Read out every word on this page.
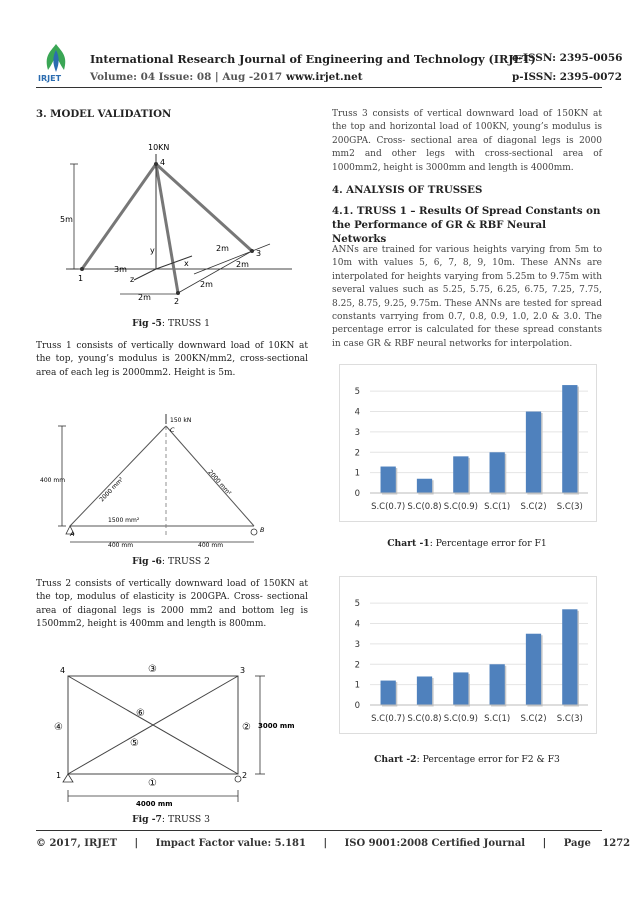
IRJET
International Research Journal of Engineering and Technology (IRJET)
e-ISSN: 2395-0056
Volume: 04 Issue: 08 | Aug -2017 www.irjet.net	p-ISSN: 2395-0072
3. MODEL VALIDATION
10KN
4
5m
y
z
x
1
2
3
3m
2m
2m
2m
2m
Fig -5: TRUSS 1
Truss 1 consists of vertically downward load of 10KN at the top, young’s modulus is 200KN/mm2, cross-sectional area of each leg is 2000mm2. Height is 5m.
150 kN
C
400 mm	2000 mm²	2000 mm²
1500 mm²
A	B
400 mm	400 mm
Fig -6: TRUSS 2
Truss 2 consists of vertically downward load of 150KN at the top, modulus of elasticity is 200GPA. Cross- sectional area of diagonal legs is 2000 mm2 and bottom leg is 1500mm2, height is 400mm and length is 800mm.
4	3
1	2
③
④	②
①
⑥
⑤
3000 mm
4000 mm
Fig -7: TRUSS 3
Truss 3 consists of vertical downward load of 150KN at the top and horizontal load of 100KN, young’s modulus is 200GPA. Cross- sectional area of diagonal legs is 2000 mm2 and other legs with cross-sectional area of 1000mm2, height is 3000mm and length is 4000mm.
4. ANALYSIS OF TRUSSES
4.1. TRUSS 1 – Results Of Spread Constants on the Performance of GR & RBF Neural Networks
ANNs are trained for various heights varying from 5m to 10m with values 5, 6, 7, 8, 9, 10m. These ANNs are interpolated for heights varying from 5.25m to 9.75m with several values such as 5.25, 5.75, 6.25, 6.75, 7.25, 7.75, 8.25, 8.75, 9.25, 9.75m. These ANNs are tested for spread constants varrying from 0.7, 0.8, 0.9, 1.0, 2.0 & 3.0. The percentage error is calculated for these spread constants in case GR & RBF neural networks for interpolation.
0
1
2
3
4
5
S.C(0.7) S.C(0.8) S.C(0.9) S.C(1) S.C(2) S.C(3)
Chart -1: Percentage error for F1
0
1
2
3
4
5
S.C(0.7) S.C(0.8) S.C(0.9) S.C(1) S.C(2) S.C(3)
Chart -2: Percentage error for F2 & F3
© 2017, IRJET | Impact Factor value: 5.181 | ISO 9001:2008 Certified Journal | Page 1272
